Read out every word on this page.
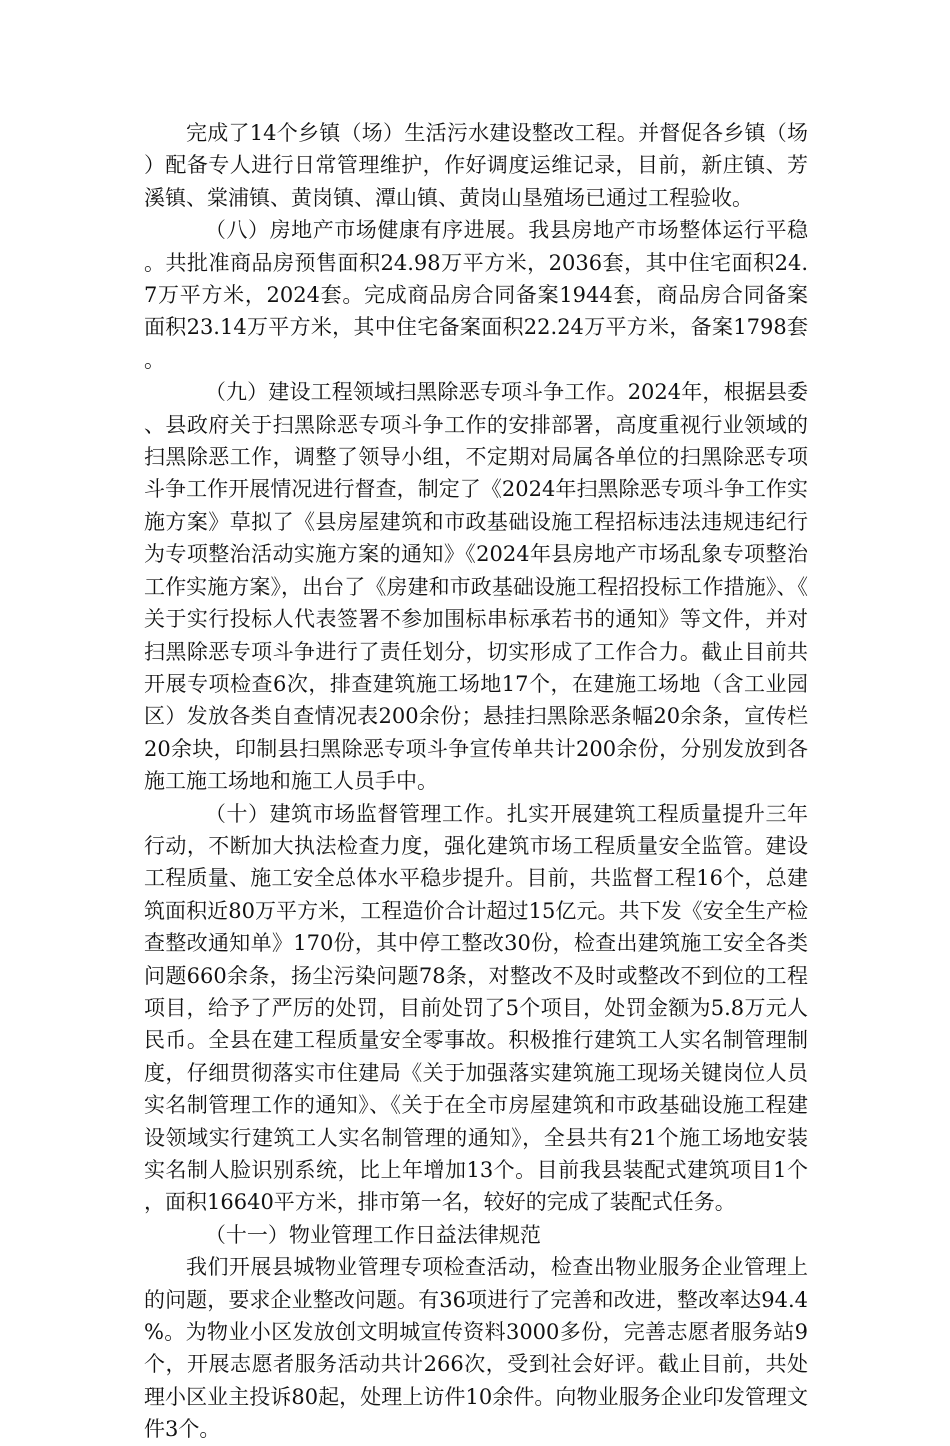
完成了14个乡镇（场）生活污水建设整改工程。并督促各乡镇（场）配备专人进行日常管理维护，作好调度运维记录，目前，新庄镇、芳溪镇、棠浦镇、黄岗镇、潭山镇、黄岗山垦殖场已通过工程验收。

（八）房地产市场健康有序进展。我县房地产市场整体运行平稳。共批准商品房预售面积24.98万平方米，2036套，其中住宅面积24.7万平方米，2024套。完成商品房合同备案1944套，商品房合同备案面积23.14万平方米，其中住宅备案面积22.24万平方米，备案1798套。

（九）建设工程领域扫黑除恶专项斗争工作。2024年，根据县委、县政府关于扫黑除恶专项斗争工作的安排部署，高度重视行业领域的扫黑除恶工作，调整了领导小组，不定期对局属各单位的扫黑除恶专项斗争工作开展情况进行督查，制定了《2024年扫黑除恶专项斗争工作实施方案》草拟了《县房屋建筑和市政基础设施工程招标违法违规违纪行为专项整治活动实施方案的通知》《2024年县房地产市场乱象专项整治工作实施方案》，出台了《房建和市政基础设施工程招投标工作措施》、《关于实行投标人代表签署不参加围标串标承若书的通知》等文件，并对扫黑除恶专项斗争进行了责任划分，切实形成了工作合力。截止目前共开展专项检查6次，排查建筑施工场地17个，在建施工场地（含工业园区）发放各类自查情况表200余份；悬挂扫黑除恶条幅20余条，宣传栏20余块，印制县扫黑除恶专项斗争宣传单共计200余份，分别发放到各施工施工场地和施工人员手中。

（十）建筑市场监督管理工作。扎实开展建筑工程质量提升三年行动，不断加大执法检查力度，强化建筑市场工程质量安全监管。建设工程质量、施工安全总体水平稳步提升。目前，共监督工程16个，总建筑面积近80万平方米，工程造价合计超过15亿元。共下发《安全生产检查整改通知单》170份，其中停工整改30份，检查出建筑施工安全各类问题660余条，扬尘污染问题78条，对整改不及时或整改不到位的工程项目，给予了严厉的处罚，目前处罚了5个项目，处罚金额为5.8万元人民币。全县在建工程质量安全零事故。积极推行建筑工人实名制管理制度，仔细贯彻落实市住建局《关于加强落实建筑施工现场关键岗位人员实名制管理工作的通知》、《关于在全市房屋建筑和市政基础设施工程建设领域实行建筑工人实名制管理的通知》，全县共有21个施工场地安装实名制人脸识别系统，比上年增加13个。目前我县装配式建筑项目1个，面积16640平方米，排市第一名，较好的完成了装配式任务。

（十一）物业管理工作日益法律规范

我们开展县城物业管理专项检查活动，检查出物业服务企业管理上的问题，要求企业整改问题。有36项进行了完善和改进，整改率达94.4%。为物业小区发放创文明城宣传资料3000多份，完善志愿者服务站9个，开展志愿者服务活动共计266次，受到社会好评。截止目前，共处理小区业主投诉80起，处理上访件10余件。向物业服务企业印发管理文件3个。
